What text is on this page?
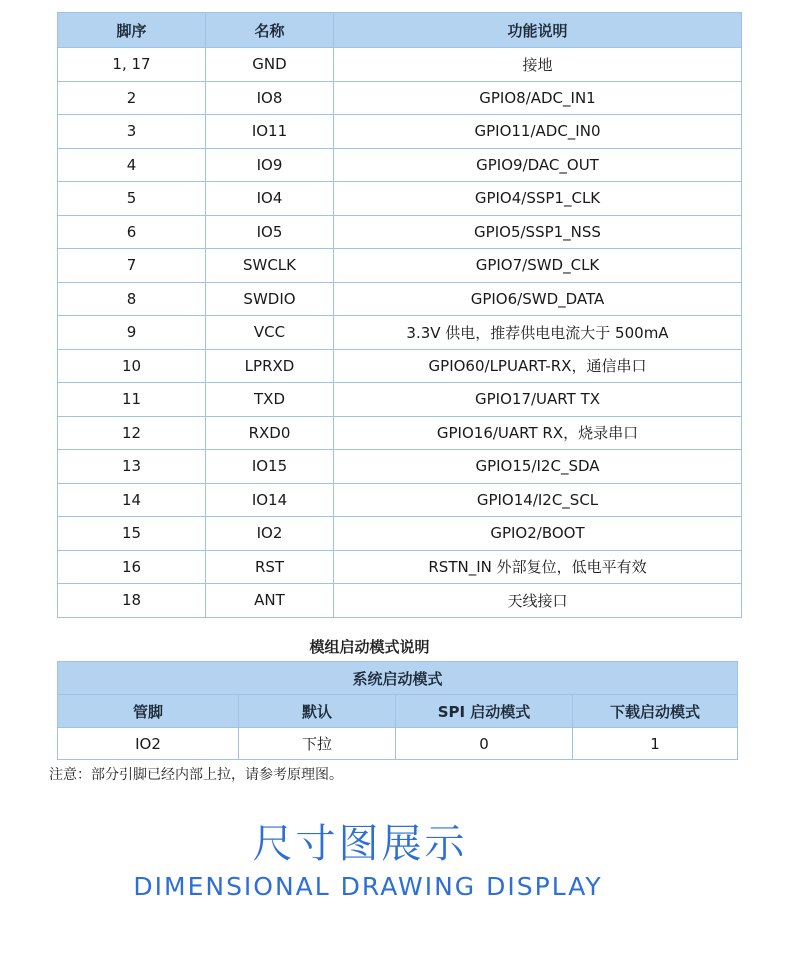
脚序	名称	功能说明
1, 17	GND	接地
2	IO8	GPIO8/ADC_IN1
3	IO11	GPIO11/ADC_IN0
4	IO9	GPIO9/DAC_OUT
5	IO4	GPIO4/SSP1_CLK
6	IO5	GPIO5/SSP1_NSS
7	SWCLK	GPIO7/SWD_CLK
8	SWDIO	GPIO6/SWD_DATA
9	VCC	3.3V 供电，推荐供电电流大于 500mA
10	LPRXD	GPIO60/LPUART-RX，通信串口
11	TXD	GPIO17/UART TX
12	RXD0	GPIO16/UART RX，烧录串口
13	IO15	GPIO15/I2C_SDA
14	IO14	GPIO14/I2C_SCL
15	IO2	GPIO2/BOOT
16	RST	RSTN_IN 外部复位，低电平有效
18	ANT	天线接口
模组启动模式说明
系统启动模式			
管脚	默认	SPI 启动模式	下载启动模式
IO2	下拉	0	1
注意：部分引脚已经内部上拉，请参考原理图。
尺寸图展示
DIMENSIONAL DRAWING DISPLAY
